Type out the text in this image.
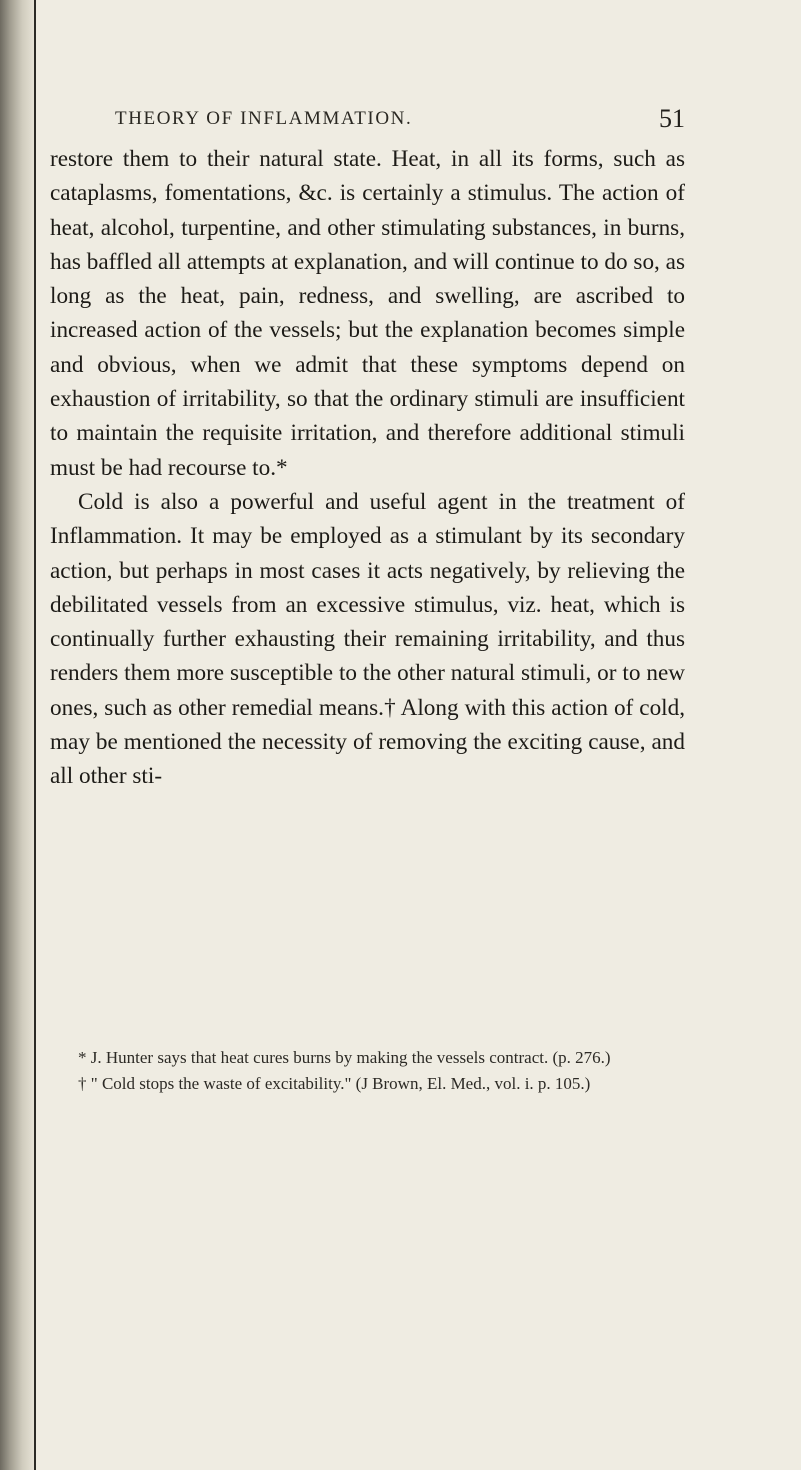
THEORY OF INFLAMMATION.	51

restore them to their natural state. Heat, in all its forms, such as cataplasms, fomentations, &c. is certainly a stimulus. The action of heat, alcohol, turpentine, and other stimulating substances, in burns, has baffled all attempts at explanation, and will continue to do so, as long as the heat, pain, redness, and swelling, are ascribed to increased action of the vessels; but the explanation becomes simple and obvious, when we admit that these symptoms depend on exhaustion of irritability, so that the ordinary stimuli are insufficient to maintain the requisite irritation, and therefore additional stimuli must be had recourse to.*

Cold is also a powerful and useful agent in the treatment of Inflammation. It may be employed as a stimulant by its secondary action, but perhaps in most cases it acts negatively, by relieving the debilitated vessels from an excessive stimulus, viz. heat, which is continually further exhausting their remaining irritability, and thus renders them more susceptible to the other natural stimuli, or to new ones, such as other remedial means.† Along with this action of cold, may be mentioned the necessity of removing the exciting cause, and all other sti-

* J. Hunter says that heat cures burns by making the vessels contract. (p. 276.)

† " Cold stops the waste of excitability." (J Brown, El. Med., vol. i. p. 105.)
